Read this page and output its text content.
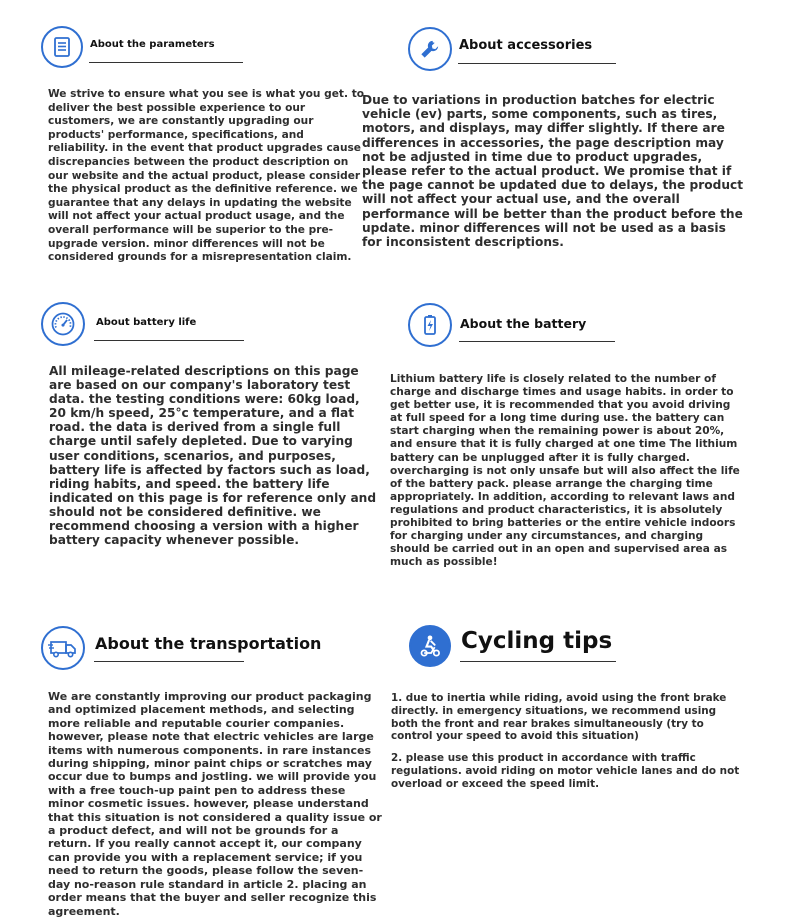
About the parameters

We strive to ensure what you see is what you get. to deliver the best possible experience to our customers, we are constantly upgrading our products' performance, specifications, and reliability. in the event that product upgrades cause discrepancies between the product description on our website and the actual product, please consider the physical product as the definitive reference. we guarantee that any delays in updating the website will not affect your actual product usage, and the overall performance will be superior to the pre-upgrade version. minor differences will not be considered grounds for a misrepresentation claim.

About accessories

Due to variations in production batches for electric vehicle (ev) parts, some components, such as tires, motors, and displays, may differ slightly. If there are differences in accessories, the page description may not be adjusted in time due to product upgrades, please refer to the actual product. We promise that if the page cannot be updated due to delays, the product will not affect your actual use, and the overall performance will be better than the product before the update. minor differences will not be used as a basis for inconsistent descriptions.

About battery life

All mileage-related descriptions on this page are based on our company's laboratory test data. the testing conditions were: 60kg load, 20 km/h speed, 25°c temperature, and a flat road. the data is derived from a single full charge until safely depleted. Due to varying user conditions, scenarios, and purposes, battery life is affected by factors such as load, riding habits, and speed. the battery life indicated on this page is for reference only and should not be considered definitive. we recommend choosing a version with a higher battery capacity whenever possible.

About the battery

Lithium battery life is closely related to the number of charge and discharge times and usage habits. in order to get better use, it is recommended that you avoid driving at full speed for a long time during use. the battery can start charging when the remaining power is about 20%, and ensure that it is fully charged at one time The lithium battery can be unplugged after it is fully charged. overcharging is not only unsafe but will also affect the life of the battery pack. please arrange the charging time appropriately. In addition, according to relevant laws and regulations and product characteristics, it is absolutely prohibited to bring batteries or the entire vehicle indoors for charging under any circumstances, and charging should be carried out in an open and supervised area as much as possible!

About the transportation

We are constantly improving our product packaging and optimized placement methods, and selecting more reliable and reputable courier companies. however, please note that electric vehicles are large items with numerous components. in rare instances during shipping, minor paint chips or scratches may occur due to bumps and jostling. we will provide you with a free touch-up paint pen to address these minor cosmetic issues. however, please understand that this situation is not considered a quality issue or a product defect, and will not be grounds for a return. If you really cannot accept it, our company can provide you with a replacement service; if you need to return the goods, please follow the seven-day no-reason rule standard in article 2. placing an order means that the buyer and seller recognize this agreement.

Cycling tips

1. due to inertia while riding, avoid using the front brake directly. in emergency situations, we recommend using both the front and rear brakes simultaneously (try to control your speed to avoid this situation)

2. please use this product in accordance with traffic regulations. avoid riding on motor vehicle lanes and do not overload or exceed the speed limit.
